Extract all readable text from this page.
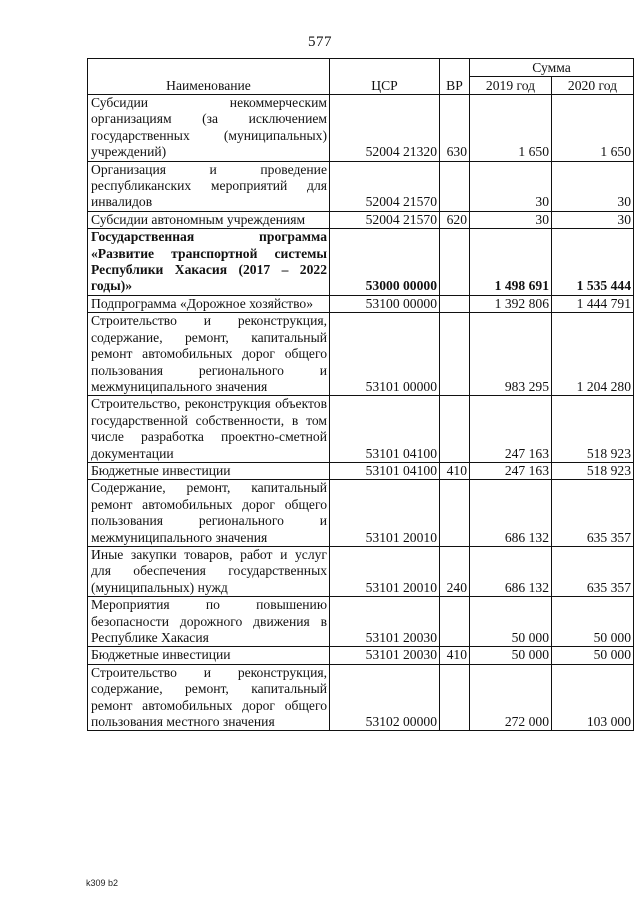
577
Наименование	ЦСР	ВР	Сумма	
			2019 год	2020 год
Субсидии некоммерческим организациям (за исключением государственных (муниципальных) учреждений)	52004 21320	630	1 650	1 650
Организация и проведение республиканских мероприятий для инвалидов	52004 21570		30	30
Субсидии автономным учреждениям	52004 21570	620	30	30
Государственная программа «Развитие транспортной системы Республики Хакасия (2017 – 2022 годы)»	53000 00000		1 498 691	1 535 444
Подпрограмма «Дорожное хозяйство»	53100 00000		1 392 806	1 444 791
Строительство и реконструкция, содержание, ремонт, капитальный ремонт автомобильных дорог общего пользования регионального и межмуниципального значения	53101 00000		983 295	1 204 280
Строительство, реконструкция объектов государственной собственности, в том числе разработка проектно-сметной документации	53101 04100		247 163	518 923
Бюджетные инвестиции	53101 04100	410	247 163	518 923
Содержание, ремонт, капитальный ремонт автомобильных дорог общего пользования регионального и межмуниципального значения	53101 20010		686 132	635 357
Иные закупки товаров, работ и услуг для обеспечения государственных (муниципальных) нужд	53101 20010	240	686 132	635 357
Мероприятия по повышению безопасности дорожного движения в Республике Хакасия	53101 20030		50 000	50 000
Бюджетные инвестиции	53101 20030	410	50 000	50 000
Строительство и реконструкция, содержание, ремонт, капитальный ремонт автомобильных дорог общего пользования местного значения	53102 00000		272 000	103 000
k309 b2
